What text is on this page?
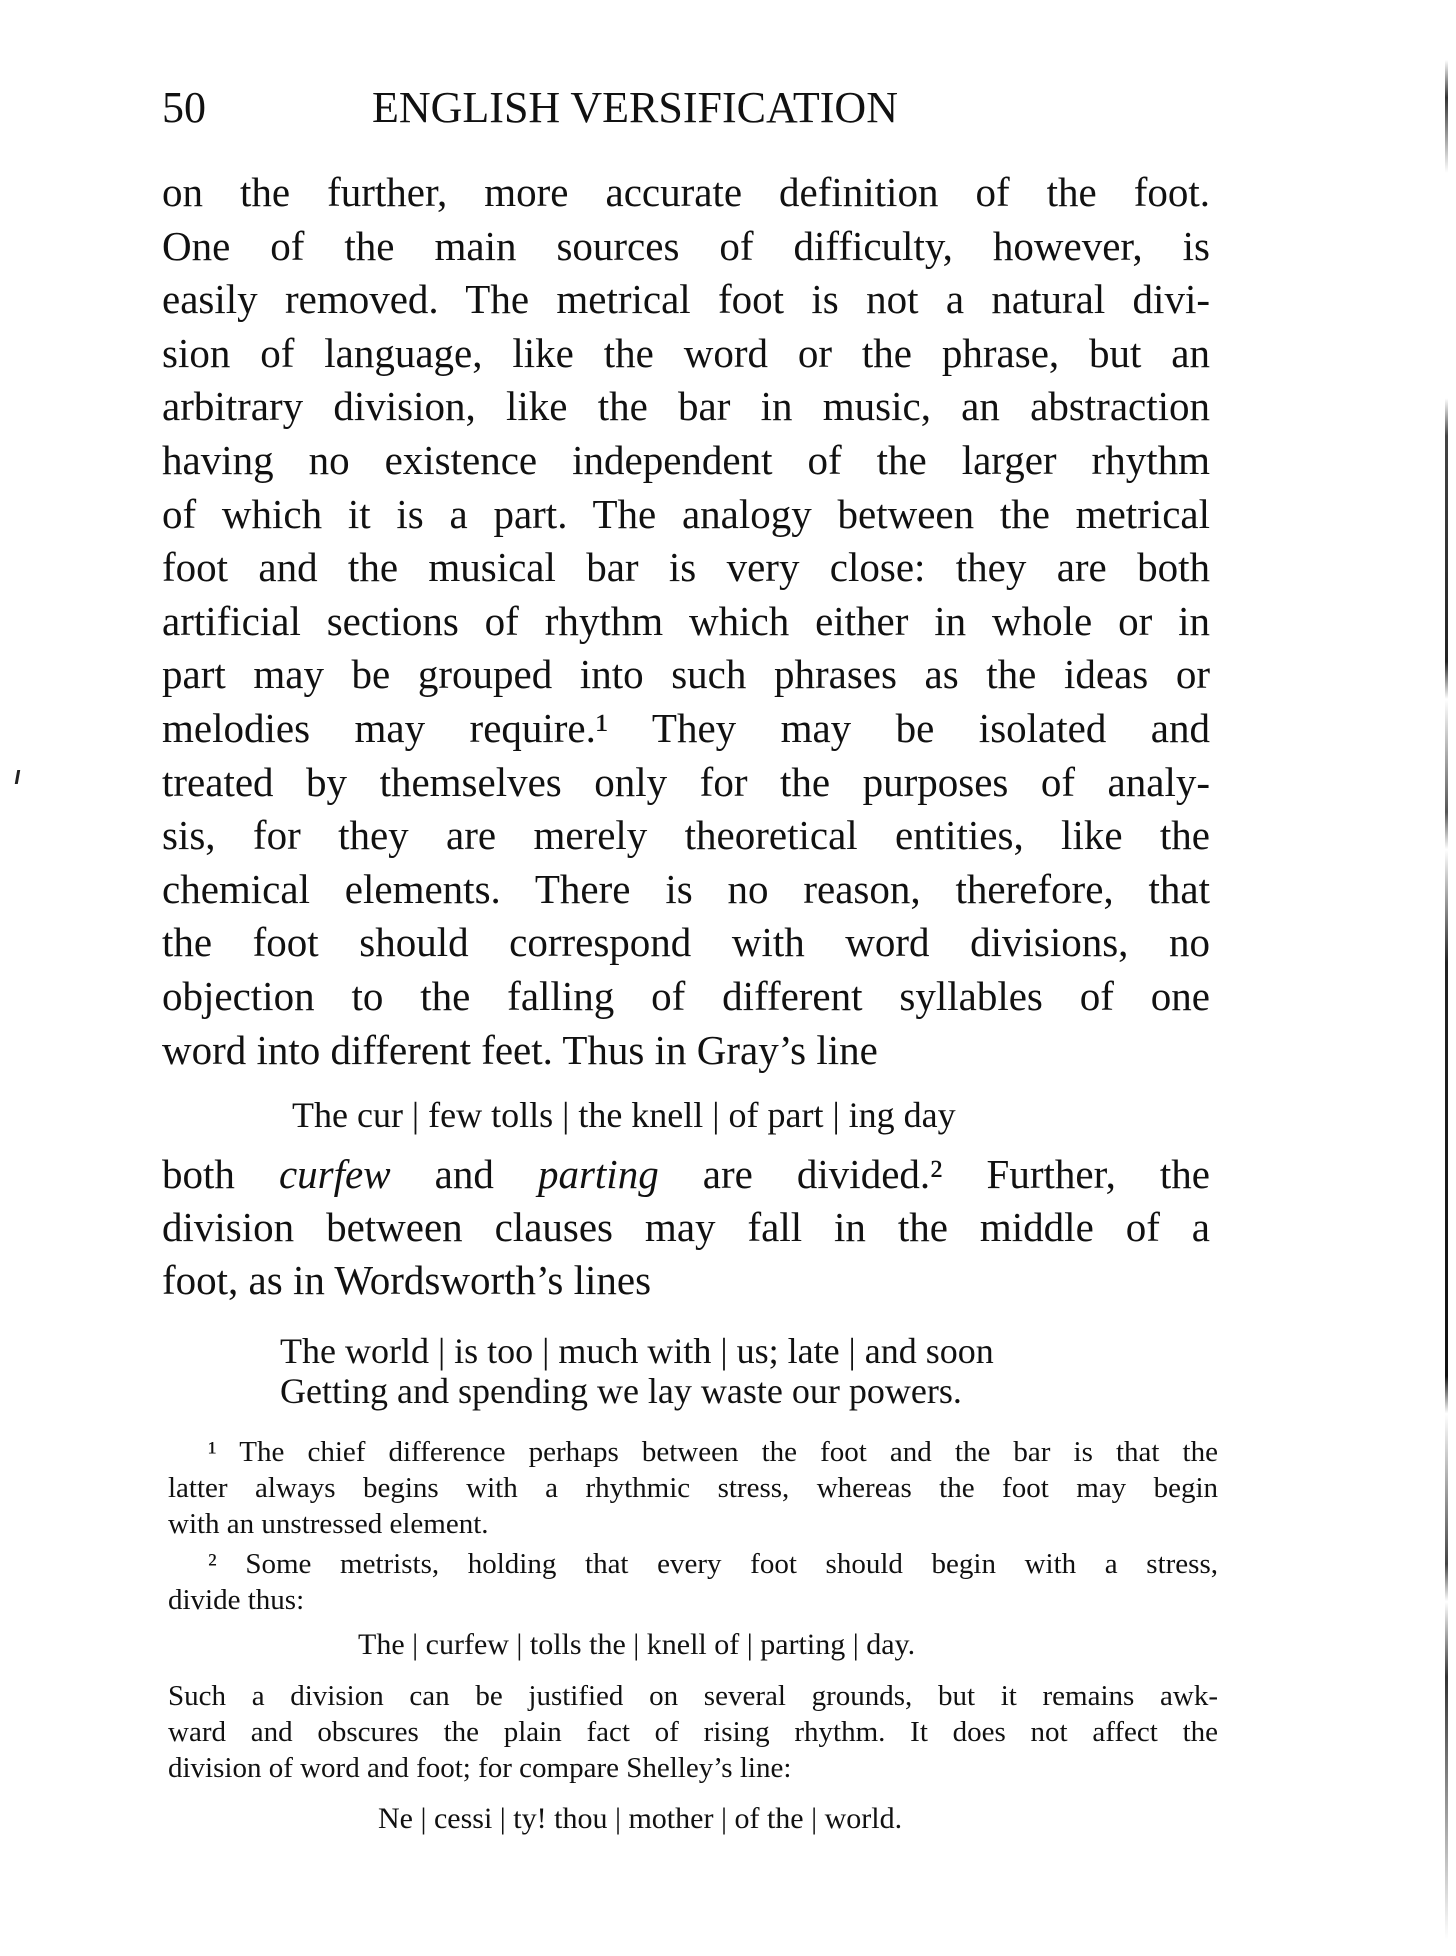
50	ENGLISH VERSIFICATION
on the further, more accurate definition of the foot.
One of the main sources of difficulty, however, is
easily removed. The metrical foot is not a natural divi-
sion of language, like the word or the phrase, but an
arbitrary division, like the bar in music, an abstraction
having no existence independent of the larger rhythm
of which it is a part. The analogy between the metrical
foot and the musical bar is very close: they are both
artificial sections of rhythm which either in whole or in
part may be grouped into such phrases as the ideas or
melodies may require.¹ They may be isolated and
treated by themselves only for the purposes of analy-
sis, for they are merely theoretical entities, like the
chemical elements. There is no reason, therefore, that
the foot should correspond with word divisions, no
objection to the falling of different syllables of one
word into different feet. Thus in Gray’s line
The cur | few tolls | the knell | of part | ing day
both curfew and parting are divided.² Further, the
division between clauses may fall in the middle of a
foot, as in Wordsworth’s lines
The world | is too | much with | us; late | and soon
Getting and spending we lay waste our powers.
¹ The chief difference perhaps between the foot and the bar is that the
latter always begins with a rhythmic stress, whereas the foot may begin
with an unstressed element.
² Some metrists, holding that every foot should begin with a stress,
divide thus:
The | curfew | tolls the | knell of | parting | day.
Such a division can be justified on several grounds, but it remains awk-
ward and obscures the plain fact of rising rhythm. It does not affect the
division of word and foot; for compare Shelley’s line:
Ne | cessi | ty! thou | mother | of the | world.
